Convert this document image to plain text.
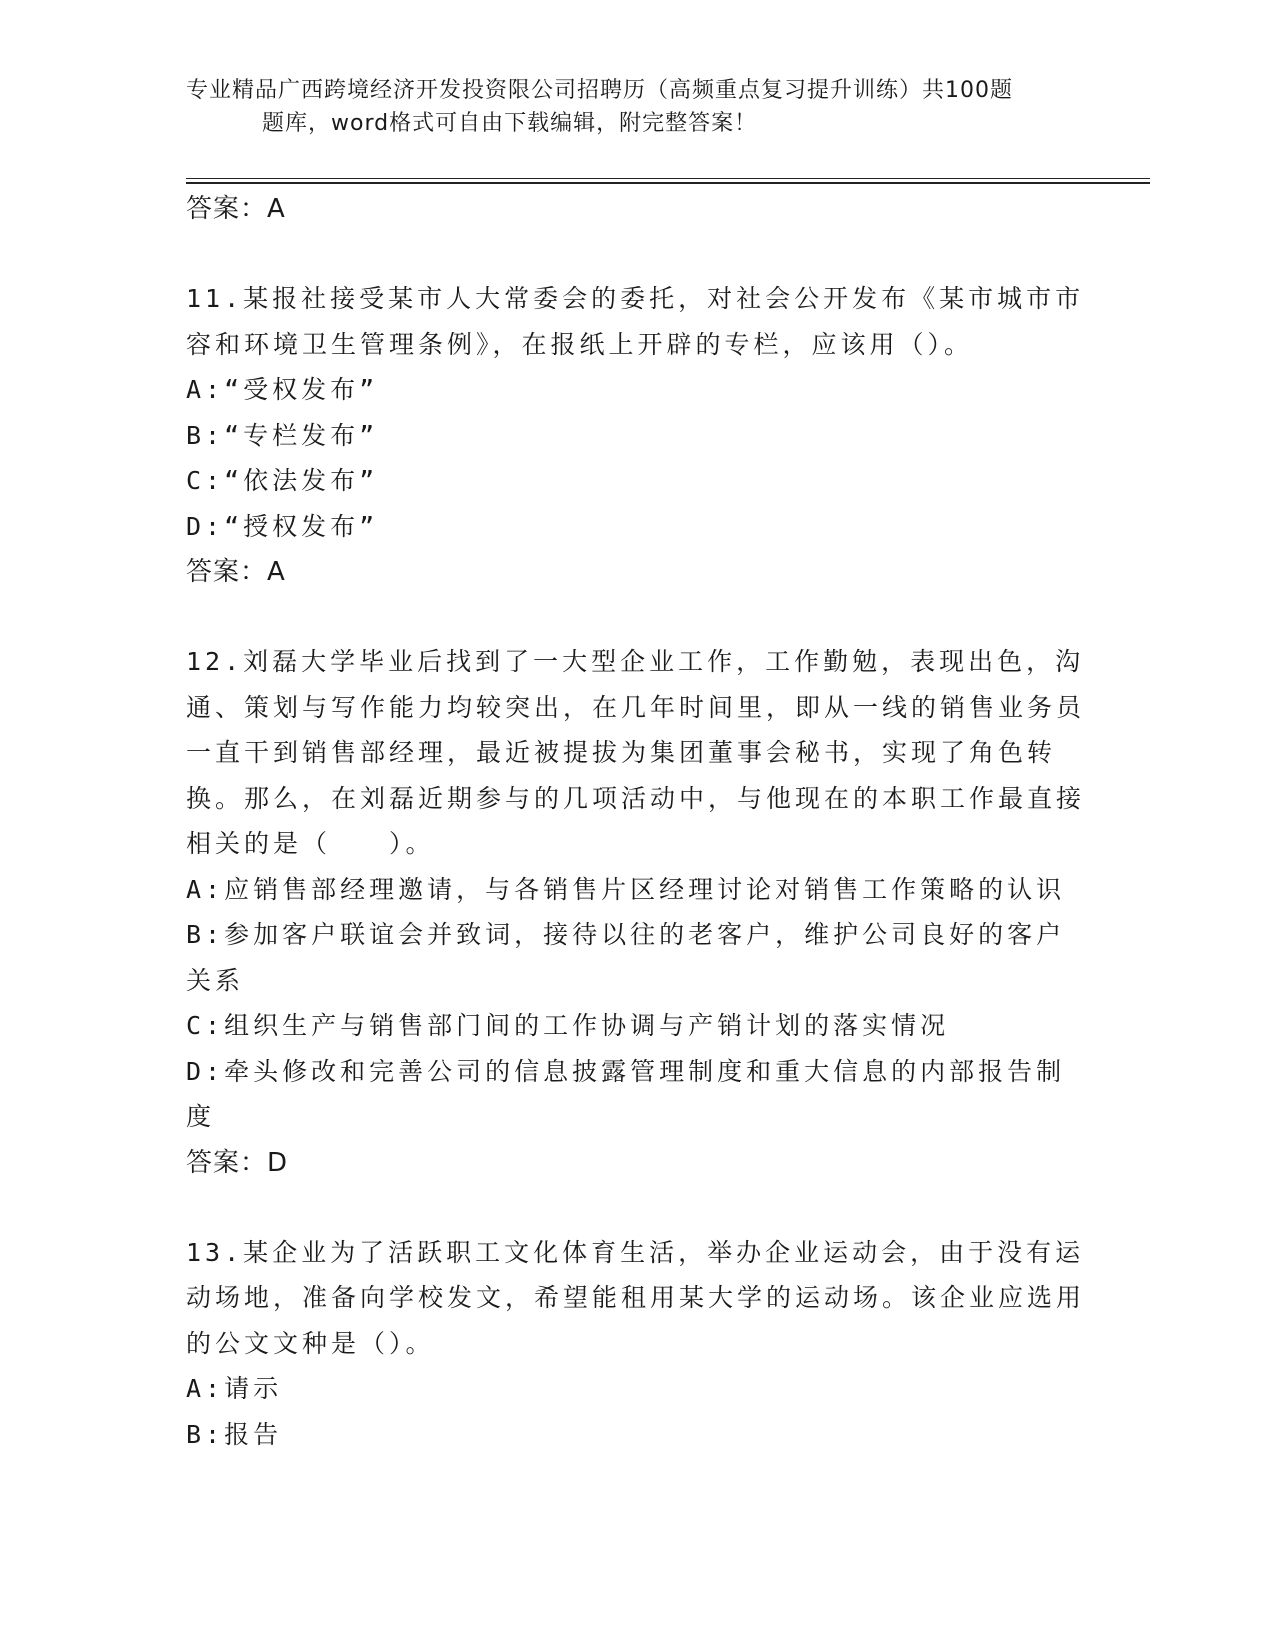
专业精品广西跨境经济开发投资限公司招聘历（高频重点复习提升训练）共100题
题库，word格式可自由下载编辑，附完整答案！

答案：A

11.某报社接受某市人大常委会的委托，对社会公开发布《某市城市市容和环境卫生管理条例》，在报纸上开辟的专栏，应该用（）。

A:“受权发布”

B:“专栏发布”

C:“依法发布”

D:“授权发布”

答案：A

12.刘磊大学毕业后找到了一大型企业工作，工作勤勉，表现出色，沟通、策划与写作能力均较突出，在几年时间里，即从一线的销售业务员一直干到销售部经理，最近被提拔为集团董事会秘书，实现了角色转换。那么，在刘磊近期参与的几项活动中，与他现在的本职工作最直接相关的是（　　）。

A:应销售部经理邀请，与各销售片区经理讨论对销售工作策略的认识

B:参加客户联谊会并致词，接待以往的老客户，维护公司良好的客户关系

C:组织生产与销售部门间的工作协调与产销计划的落实情况

D:牵头修改和完善公司的信息披露管理制度和重大信息的内部报告制度

答案：D

13.某企业为了活跃职工文化体育生活，举办企业运动会，由于没有运动场地，准备向学校发文，希望能租用某大学的运动场。该企业应选用的公文文种是（）。

A:请示

B:报告
